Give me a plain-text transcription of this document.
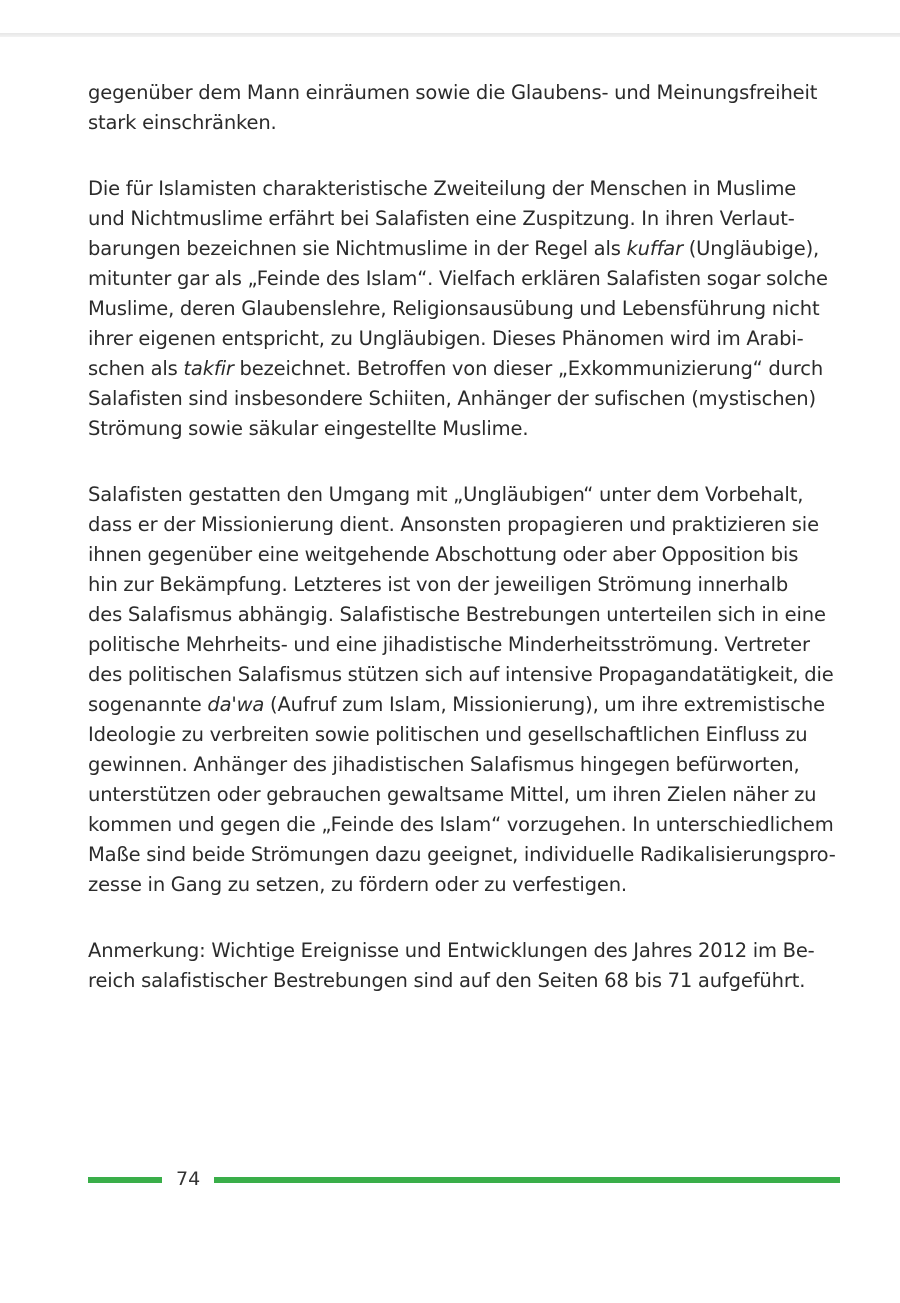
gegenüber dem Mann einräumen sowie die Glaubens- und Meinungsfreiheit
stark einschränken.

Die für Islamisten charakteristische Zweiteilung der Menschen in Muslime
und Nichtmuslime erfährt bei Salafisten eine Zuspitzung. In ihren Verlaut-
barungen bezeichnen sie Nichtmuslime in der Regel als kuffar (Ungläubige),
mitunter gar als „Feinde des Islam“. Vielfach erklären Salafisten sogar solche
Muslime, deren Glaubenslehre, Religionsausübung und Lebensführung nicht
ihrer eigenen entspricht, zu Ungläubigen. Dieses Phänomen wird im Arabi-
schen als takfir bezeichnet. Betroffen von dieser „Exkommunizierung“ durch
Salafisten sind insbesondere Schiiten, Anhänger der sufischen (mystischen)
Strömung sowie säkular eingestellte Muslime.

Salafisten gestatten den Umgang mit „Ungläubigen“ unter dem Vorbehalt,
dass er der Missionierung dient. Ansonsten propagieren und praktizieren sie
ihnen gegenüber eine weitgehende Abschottung oder aber Opposition bis
hin zur Bekämpfung. Letzteres ist von der jeweiligen Strömung innerhalb
des Salafismus abhängig. Salafistische Bestrebungen unterteilen sich in eine
politische Mehrheits- und eine jihadistische Minderheitsströmung. Vertreter
des politischen Salafismus stützen sich auf intensive Propagandatätigkeit, die
sogenannte da'wa (Aufruf zum Islam, Missionierung), um ihre extremistische
Ideologie zu verbreiten sowie politischen und gesellschaftlichen Einfluss zu
gewinnen. Anhänger des jihadistischen Salafismus hingegen befürworten,
unterstützen oder gebrauchen gewaltsame Mittel, um ihren Zielen näher zu
kommen und gegen die „Feinde des Islam“ vorzugehen. In unterschiedlichem
Maße sind beide Strömungen dazu geeignet, individuelle Radikalisierungspro-
zesse in Gang zu setzen, zu fördern oder zu verfestigen.

Anmerkung: Wichtige Ereignisse und Entwicklungen des Jahres 2012 im Be-
reich salafistischer Bestrebungen sind auf den Seiten 68 bis 71 aufgeführt.

74
